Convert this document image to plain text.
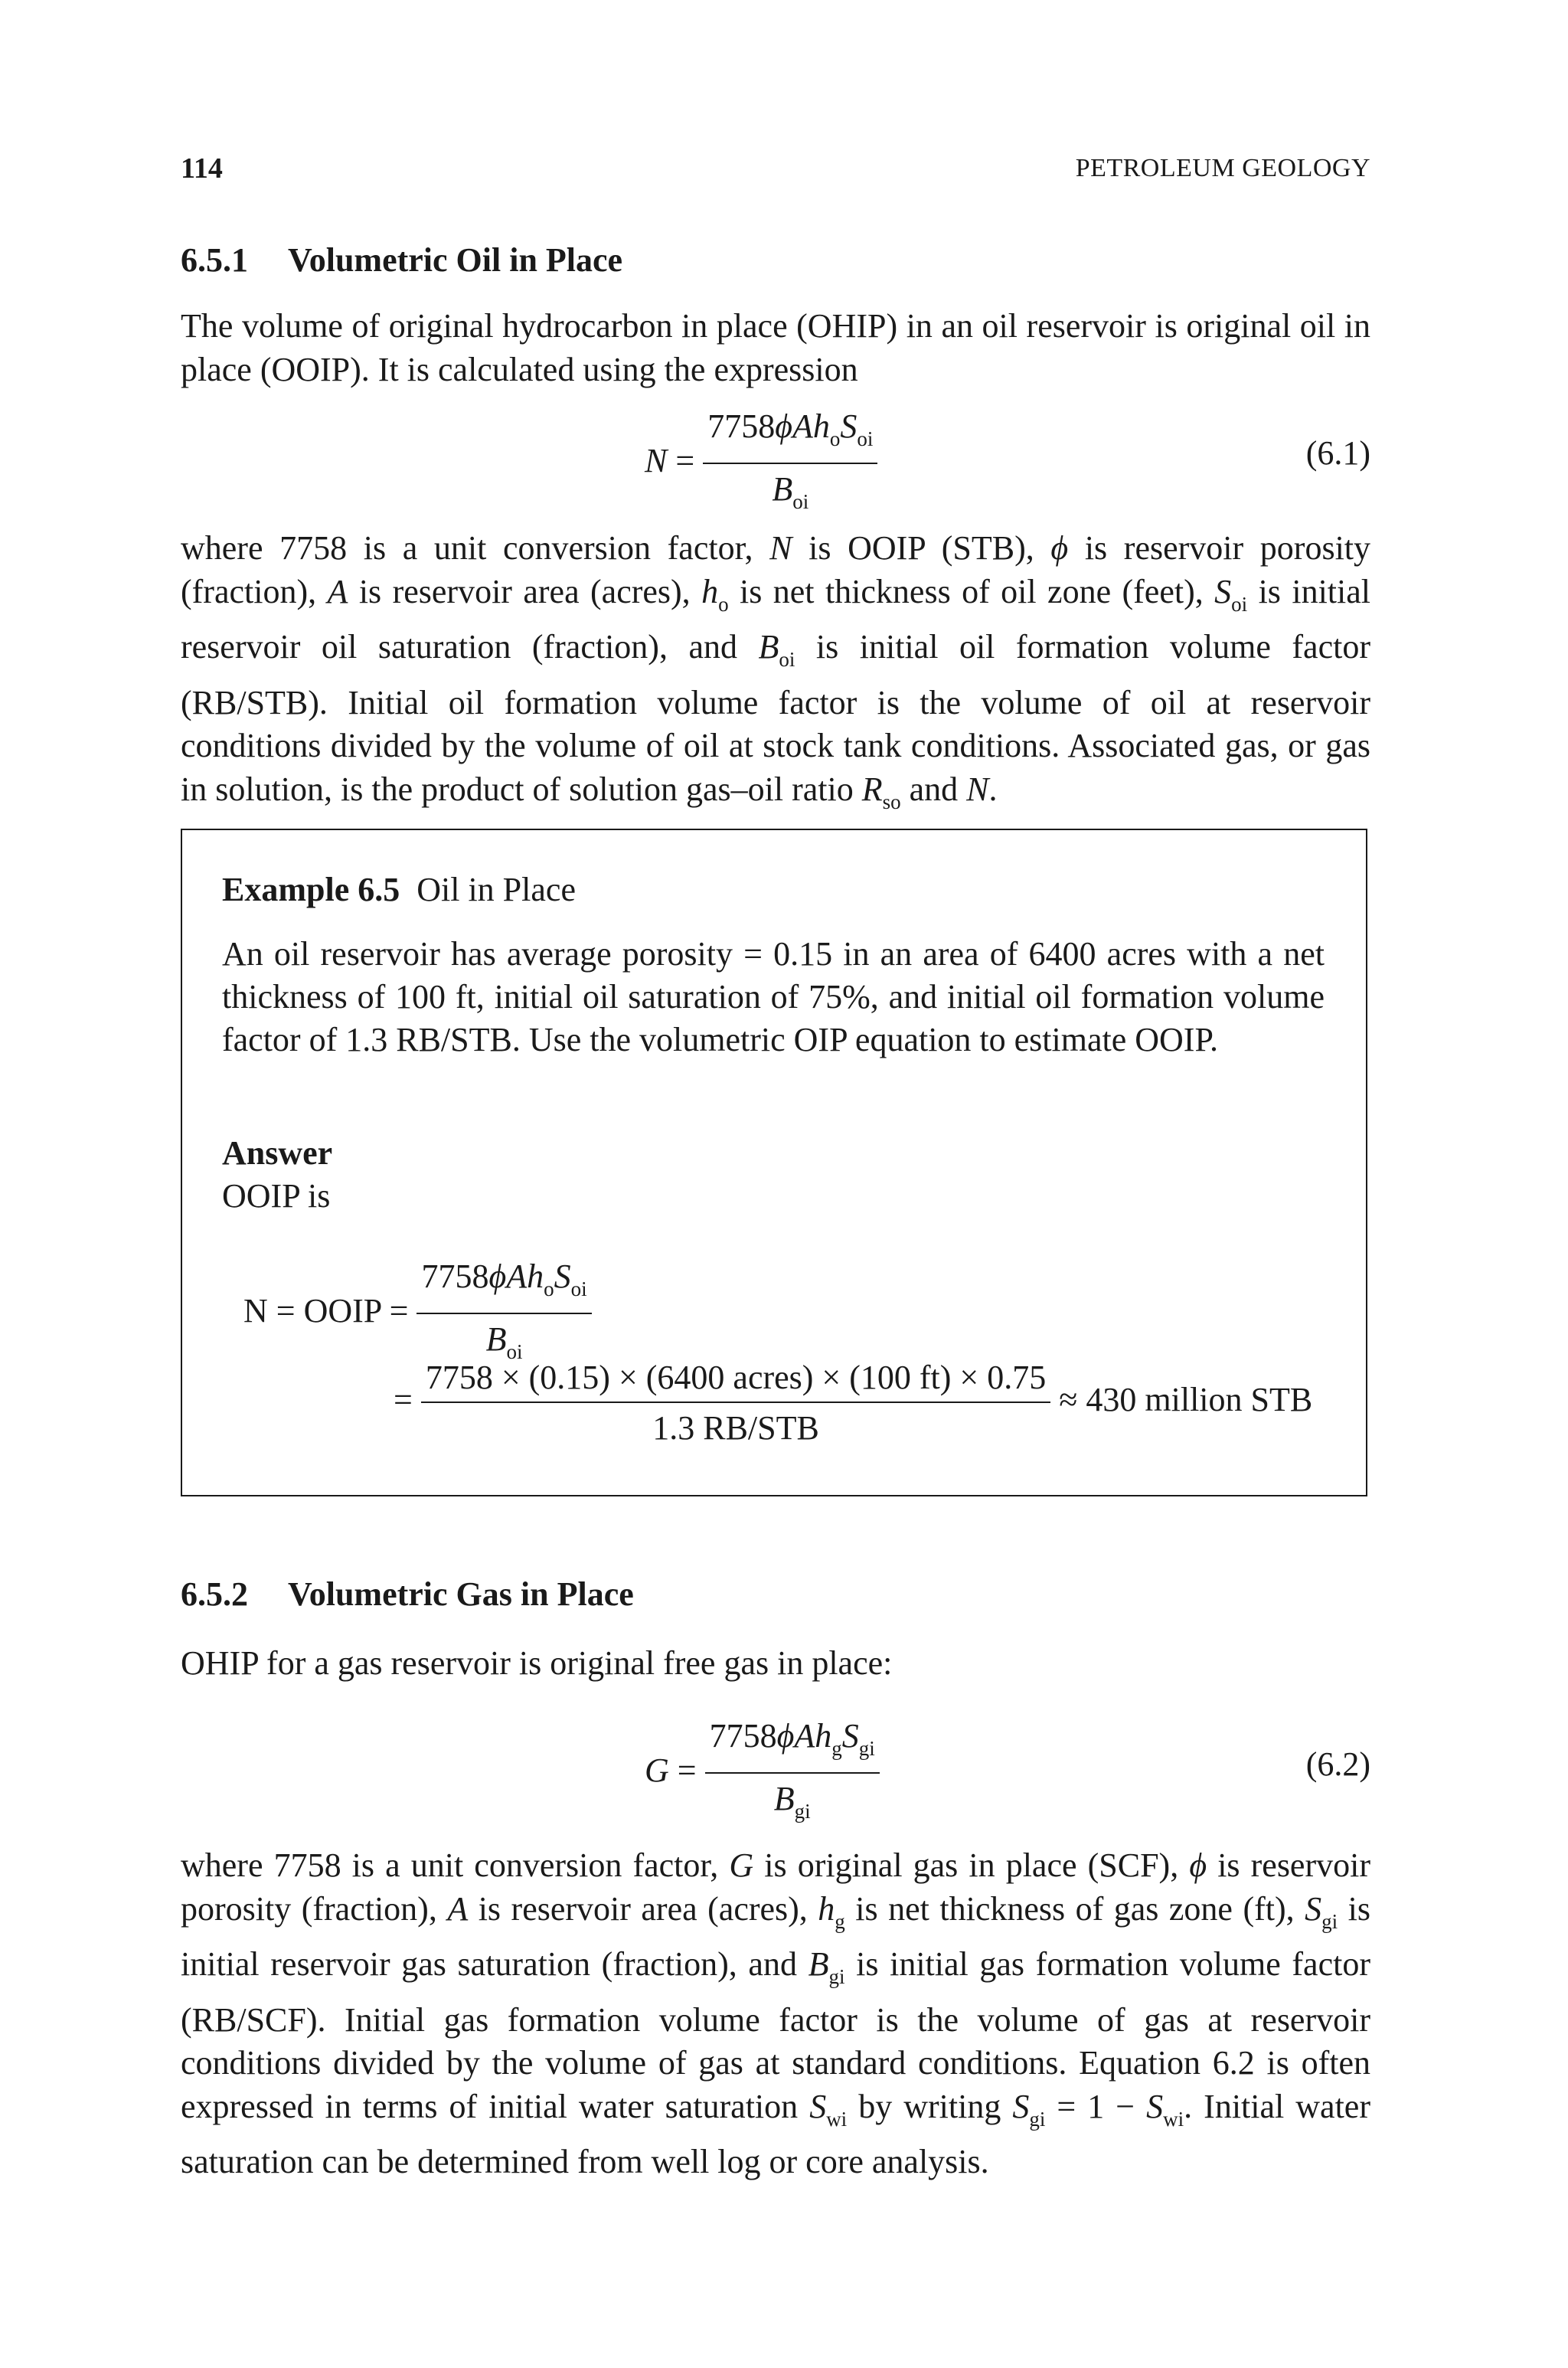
114	PETROLEUM GEOLOGY
6.5.1 Volumetric Oil in Place

The volume of original hydrocarbon in place (OHIP) in an oil reservoir is original oil in place (OOIP). It is calculated using the expression

$N = \frac{7758\phi Ah_oS_{oi}}{B_{oi}}$	(6.1)

where 7758 is a unit conversion factor, N is OOIP (STB), ϕ is reservoir porosity (fraction), A is reservoir area (acres), $h_o$ is net thickness of oil zone (feet), $S_{oi}$ is initial reservoir oil saturation (fraction), and $B_{oi}$ is initial oil formation volume factor (RB/STB). Initial oil formation volume factor is the volume of oil at reservoir conditions divided by the volume of oil at stock tank conditions. Associated gas, or gas in solution, is the product of solution gas–oil ratio $R_{so}$ and N.

Example 6.5 Oil in Place

An oil reservoir has average porosity = 0.15 in an area of 6400 acres with a net thickness of 100 ft, initial oil saturation of 75%, and initial oil formation volume factor of 1.3 RB/STB. Use the volumetric OIP equation to estimate OOIP.

Answer
OOIP is
N = OOIP = $\frac{7758\phi Ah_oS_{oi}}{B_{oi}}$
= $\frac{\text{7758 × (0.15) × (6400 acres) × (100 ft) × 0.75}}{\text{1.3 RB/STB}} \approx 430$ million STB
6.5.2 Volumetric Gas in Place

OHIP for a gas reservoir is original free gas in place:

$G = \frac{7758\phi Ah_gS_{gi}}{B_{gi}}$	(6.2)

where 7758 is a unit conversion factor, G is original gas in place (SCF), ϕ is reservoir porosity (fraction), A is reservoir area (acres), $h_g$ is net thickness of gas zone (ft), $S_{gi}$ is initial reservoir gas saturation (fraction), and $B_{gi}$ is initial gas formation volume factor (RB/SCF). Initial gas formation volume factor is the volume of gas at reservoir conditions divided by the volume of gas at standard conditions. Equation 6.2 is often expressed in terms of initial water saturation $S_{wi}$ by writing $S_{gi} = 1 - S_{wi}$. Initial water saturation can be determined from well log or core analysis.
